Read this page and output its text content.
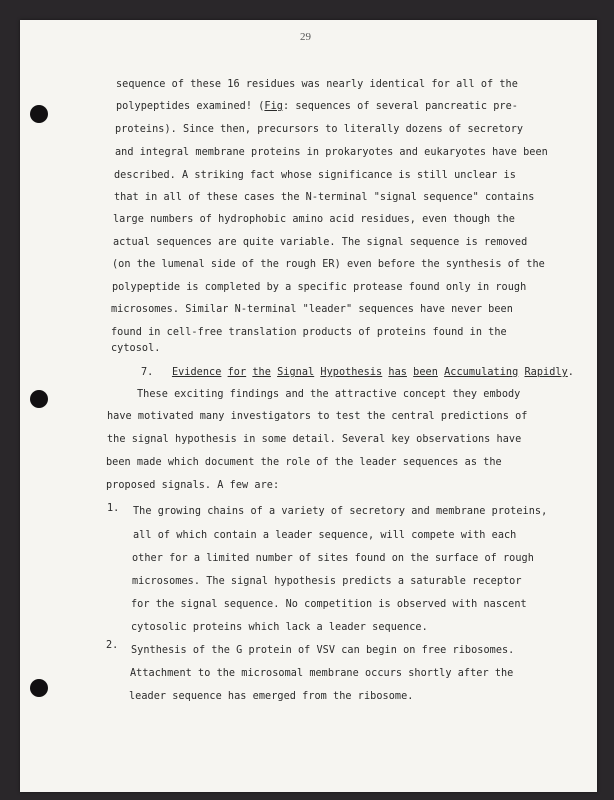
29
sequence of these 16 residues was nearly identical for all of the
polypeptides examined! (Fig: sequences of several pancreatic pre-
proteins). Since then, precursors to literally dozens of secretory
and integral membrane proteins in prokaryotes and eukaryotes have been
described. A striking fact whose significance is still unclear is
that in all of these cases the N-terminal "signal sequence" contains
large numbers of hydrophobic amino acid residues, even though the
actual sequences are quite variable. The signal sequence is removed
(on the lumenal side of the rough ER) even before the synthesis of the
polypeptide is completed by a specific protease found only in rough
microsomes. Similar N-terminal "leader" sequences have never been
found in cell-free translation products of proteins found in the
cytosol.
7. Evidence for the Signal Hypothesis has been Accumulating Rapidly.
These exciting findings and the attractive concept they embody
have motivated many investigators to test the central predictions of
the signal hypothesis in some detail. Several key observations have
been made which document the role of the leader sequences as the
proposed signals. A few are:
1. The growing chains of a variety of secretory and membrane proteins,
all of which contain a leader sequence, will compete with each
other for a limited number of sites found on the surface of rough
microsomes. The signal hypothesis predicts a saturable receptor
for the signal sequence. No competition is observed with nascent
cytosolic proteins which lack a leader sequence.
2. Synthesis of the G protein of VSV can begin on free ribosomes.
Attachment to the microsomal membrane occurs shortly after the
leader sequence has emerged from the ribosome.
